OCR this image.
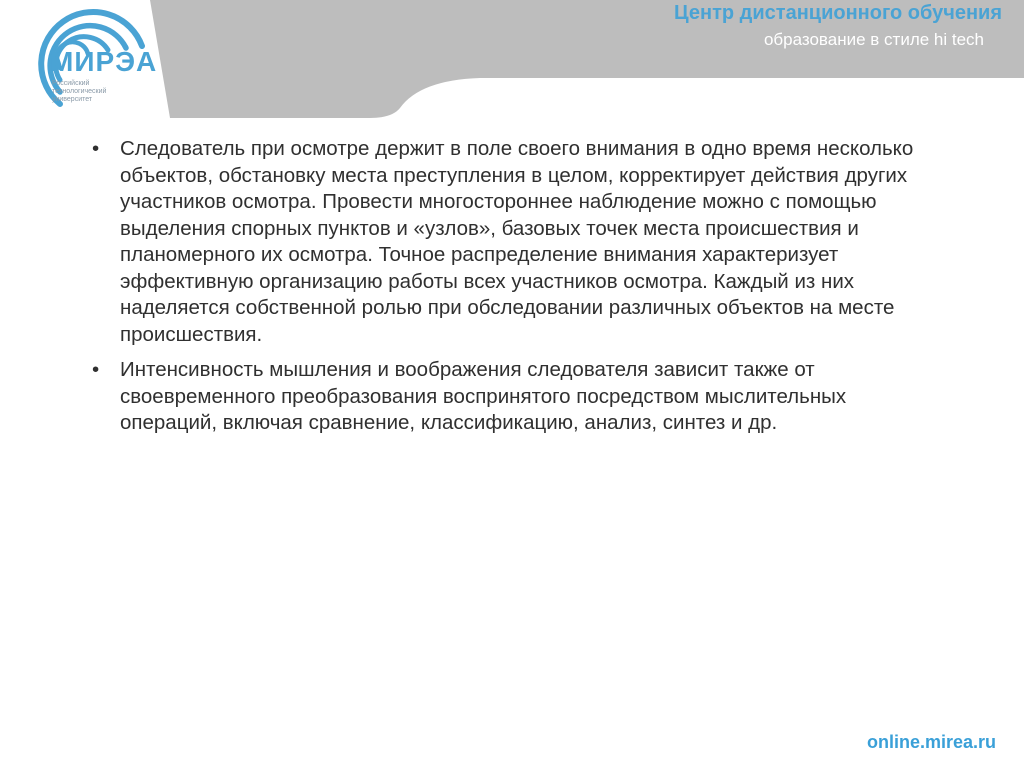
МИРЭА
Российский
технологический
университет
Центр дистанционного обучения
образование в стиле hi tech
• Следователь при осмотре держит в поле своего внимания в одно время несколько объектов, обстановку места преступления в целом, корректирует действия других участников осмотра. Провести многостороннее наблюдение можно с помощью выделения спорных пунктов и «узлов», базовых точек места происшествия и планомерного их осмотра. Точное распределение внимания характеризует эффективную организацию работы всех участников осмотра. Каждый из них наделяется собственной ролью при обследовании различных объектов на месте происшествия.
• Интенсивность мышления и воображения следователя зависит также от своевременного преобразования воспринятого посредством мыслительных операций, включая сравнение, классификацию, анализ, синтез и др.
online.mirea.ru
